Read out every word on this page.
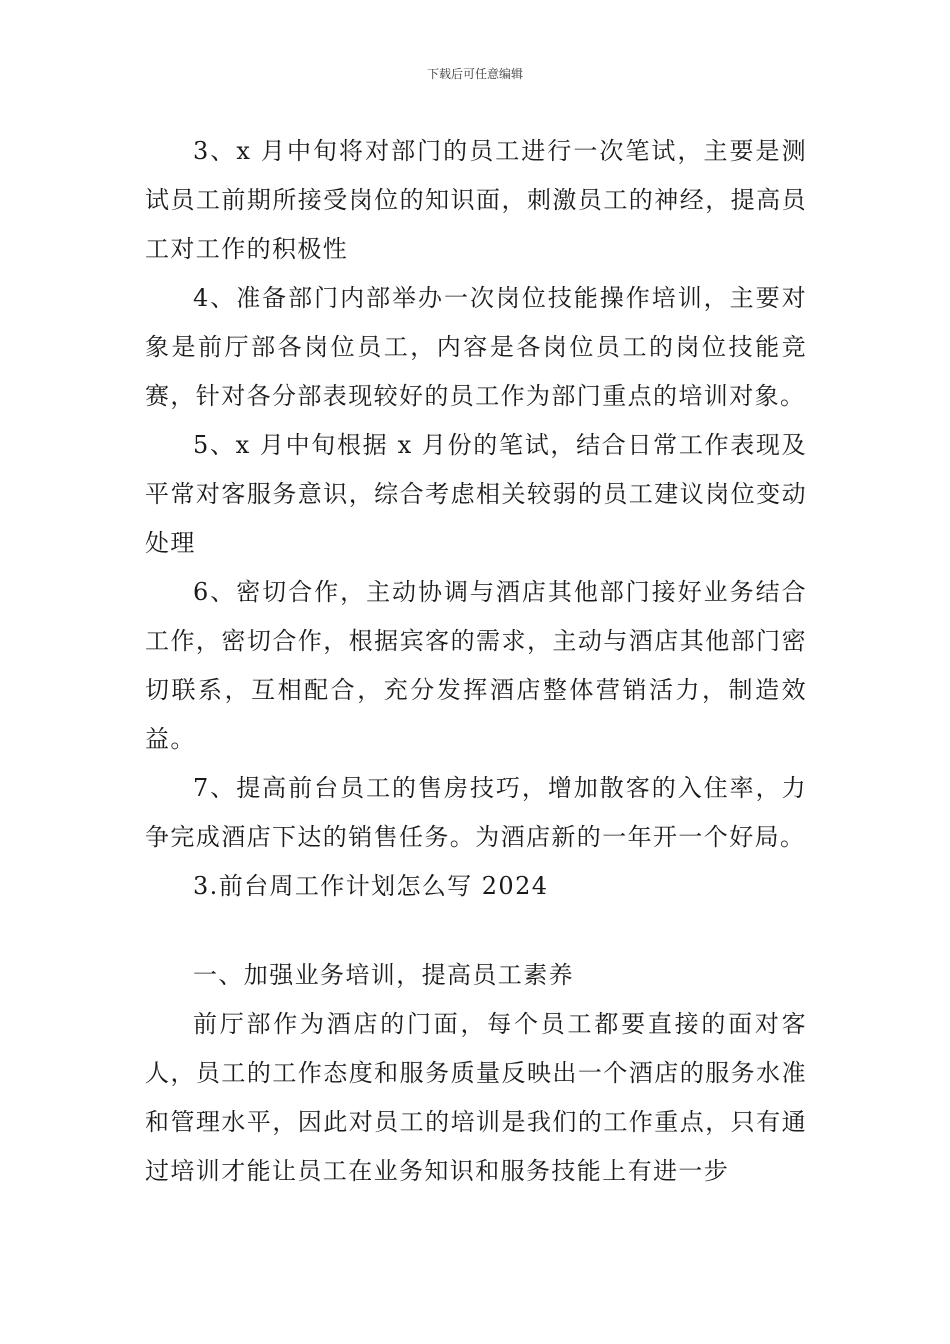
下载后可任意编辑

3、x 月中旬将对部门的员工进行一次笔试，主要是测试员工前期所接受岗位的知识面，刺激员工的神经，提高员工对工作的积极性

4、准备部门内部举办一次岗位技能操作培训，主要对象是前厅部各岗位员工，内容是各岗位员工的岗位技能竞赛，针对各分部表现较好的员工作为部门重点的培训对象。

5、x 月中旬根据 x 月份的笔试，结合日常工作表现及平常对客服务意识，综合考虑相关较弱的员工建议岗位变动处理

6、密切合作，主动协调与酒店其他部门接好业务结合工作，密切合作，根据宾客的需求，主动与酒店其他部门密切联系，互相配合，充分发挥酒店整体营销活力，制造效益。

7、提高前台员工的售房技巧，增加散客的入住率，力争完成酒店下达的销售任务。为酒店新的一年开一个好局。

3.前台周工作计划怎么写 2024

一、加强业务培训，提高员工素养

前厅部作为酒店的门面，每个员工都要直接的面对客人，员工的工作态度和服务质量反映出一个酒店的服务水准和管理水平，因此对员工的培训是我们的工作重点，只有通过培训才能让员工在业务知识和服务技能上有进一步
